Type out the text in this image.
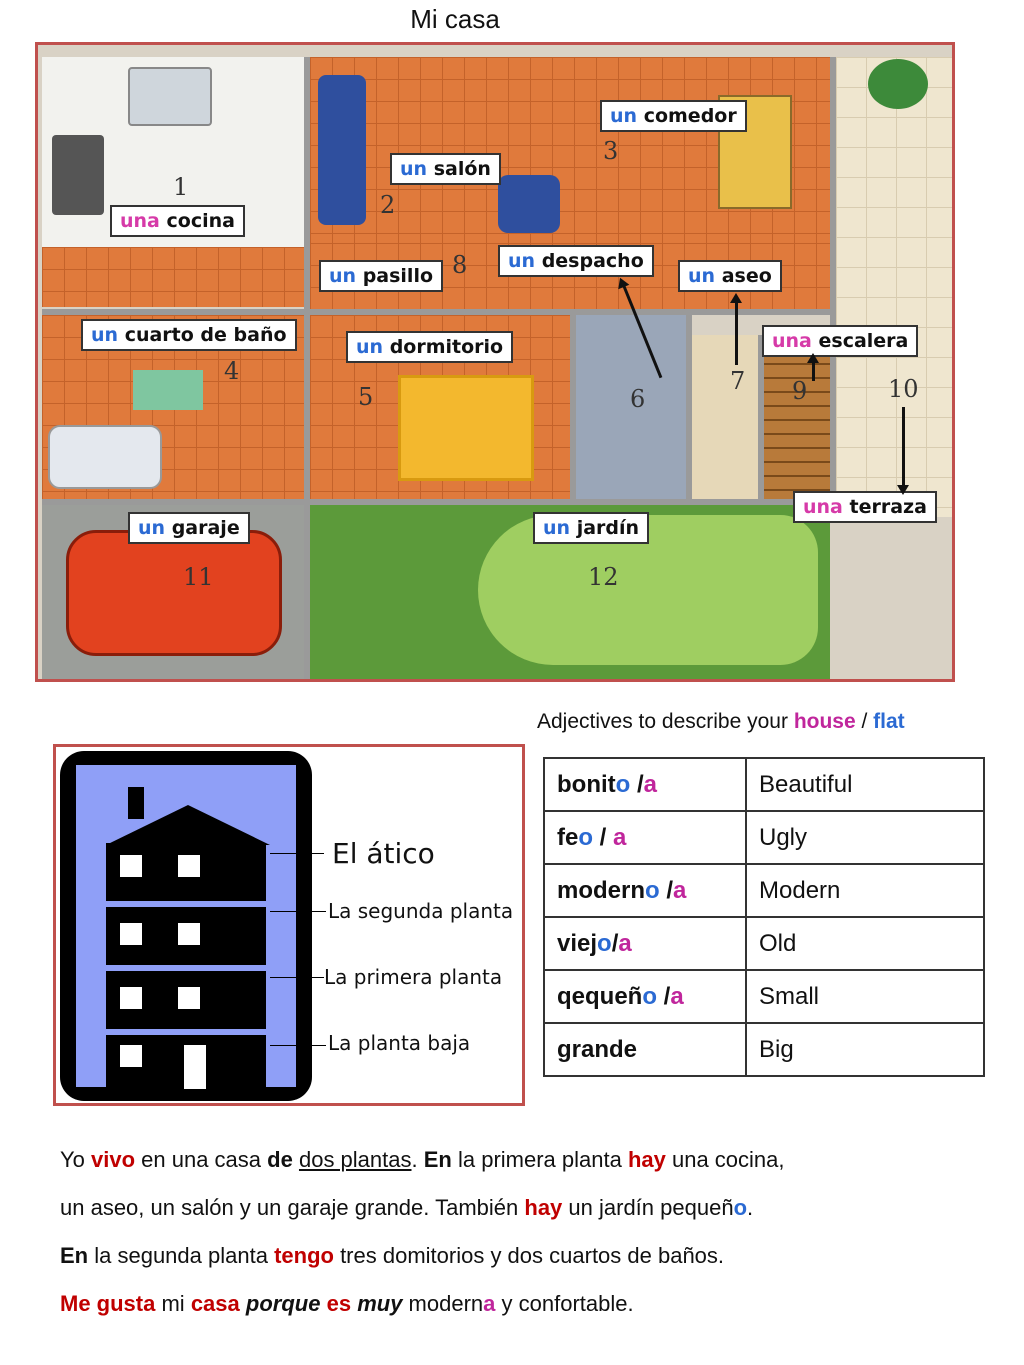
Mi casa
1
2
3
4
5	6
7
8
9	10
11	12
un comedor
un salón
una cocina
un pasillo
un despacho
un aseo
un cuarto de baño
un dormitorio	una escalera
una terraza
un garaje	un jardín
El ático
La segunda planta
La primera planta
La planta baja
Adjectives to describe your house / flat
bonito /a	Beautiful
feo / a	Ugly
moderno /a	Modern
viejo/a	Old
qequeño /a	Small
grande	Big
Yo vivo en una casa de dos plantas. En la primera planta hay una cocina,
un aseo, un salón y un garaje grande. También hay un jardín pequeño.
En la segunda planta tengo tres domitorios y dos cuartos de baños.
Me gusta mi casa porque es muy moderna y confortable.
